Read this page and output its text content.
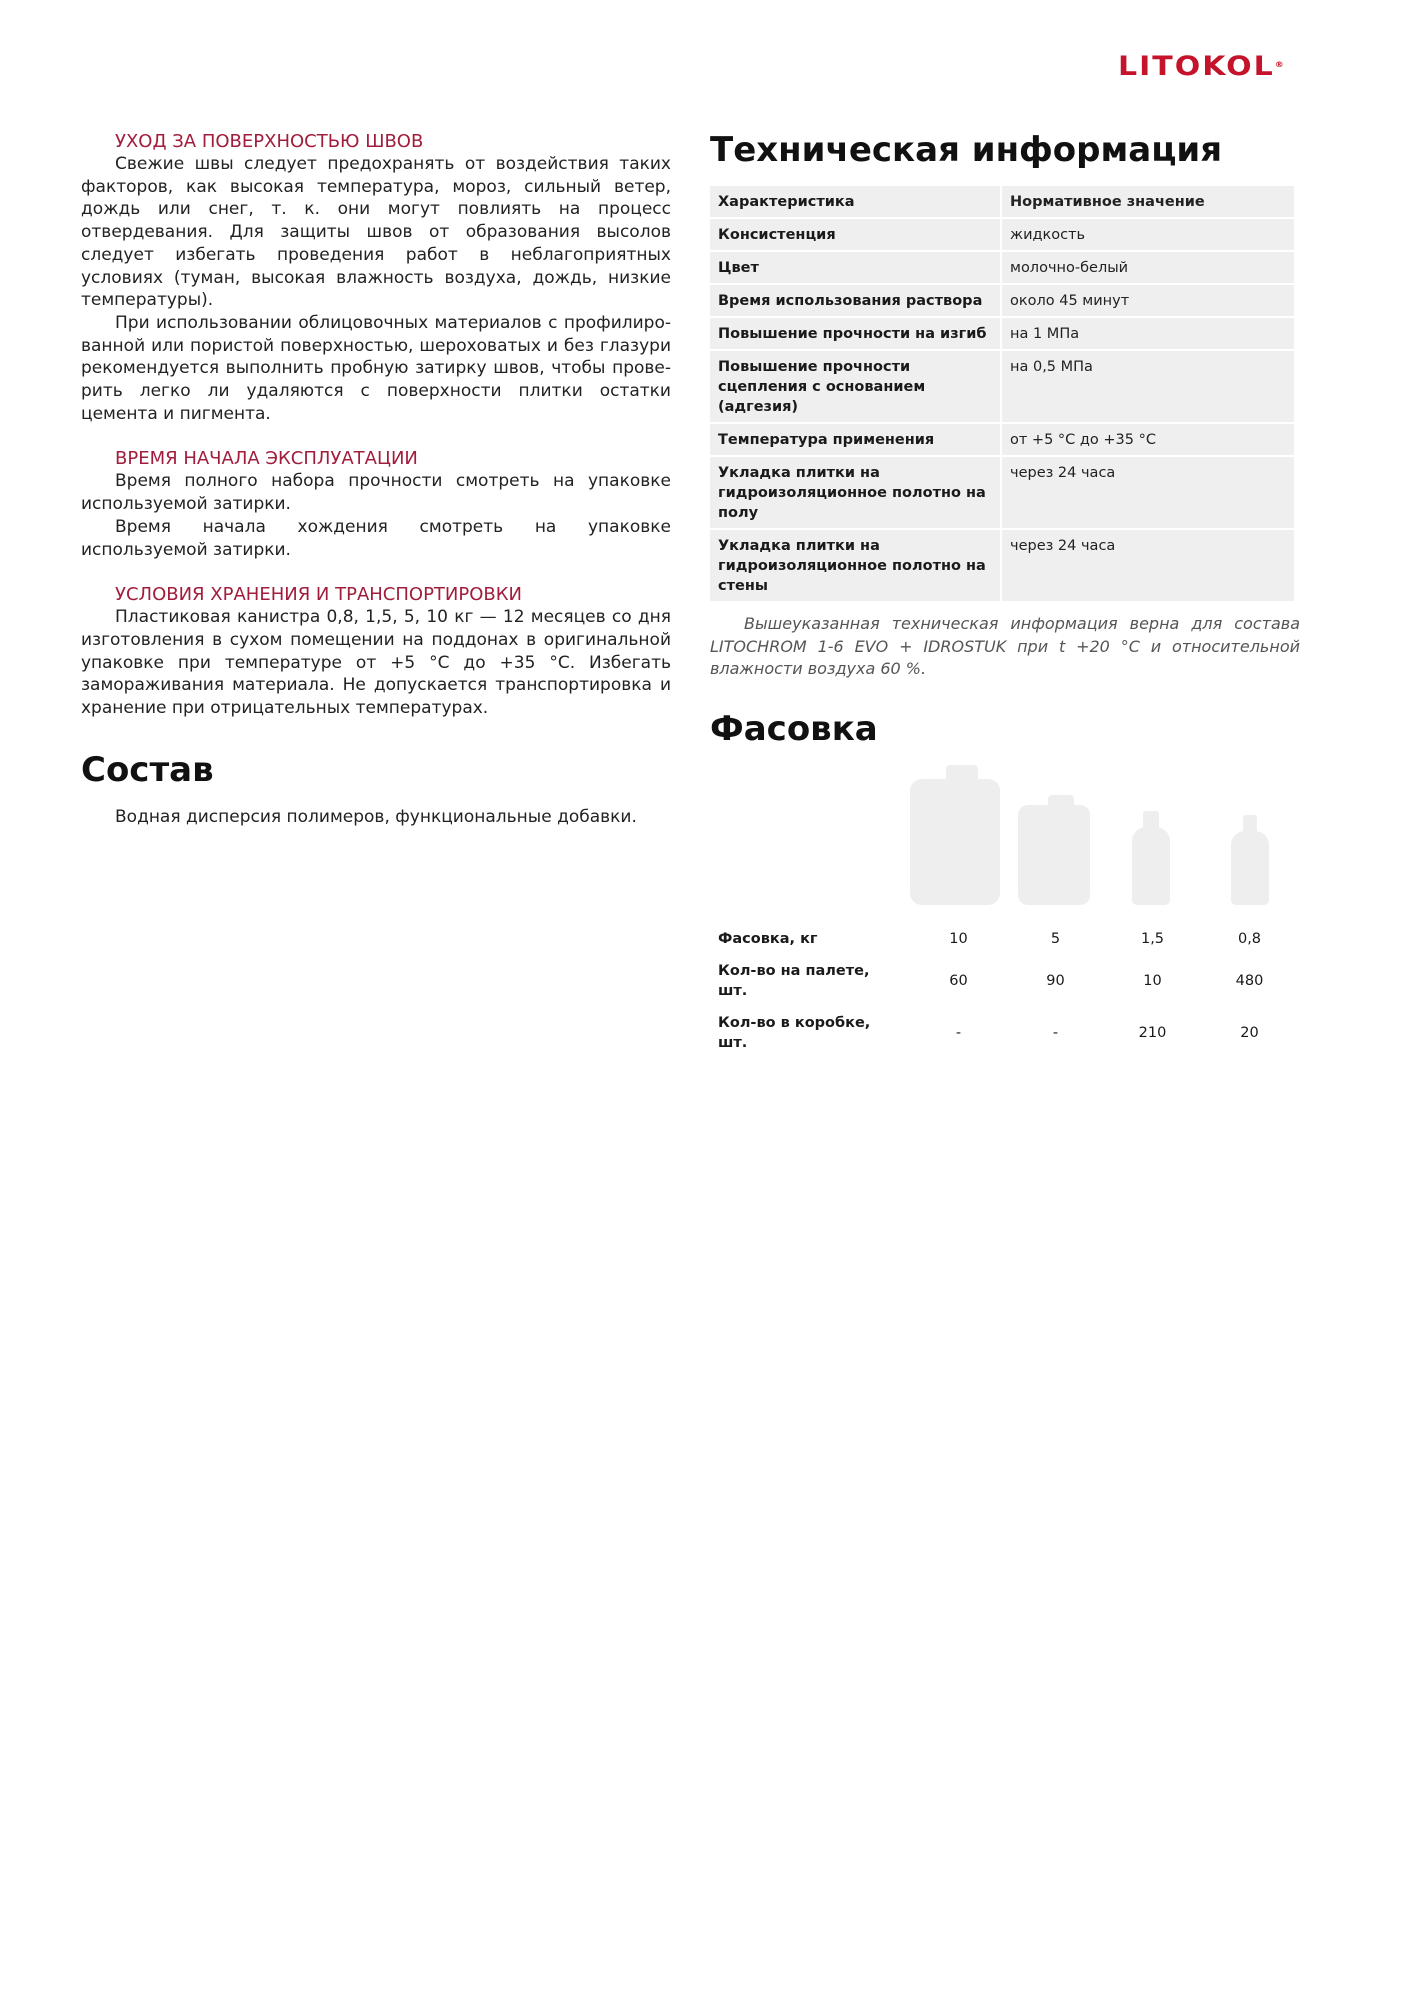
LITOKOL®
УХОД ЗА ПОВЕРХНОСТЬЮ ШВОВ

Свежие швы следует предохранять от воздействия таких факторов, как высокая температура, мороз, сильный ветер, дождь или снег, т. к. они могут повлиять на процесс отвердевания. Для защиты швов от образования высолов следует избегать проведения работ в неблагоприятных условиях (туман, высокая влажность воздуха, дождь, низкие температуры).

При использовании облицовочных материалов с профилированной или пористой поверхностью, шероховатых и без глазури рекомендуется выполнить пробную затирку швов, чтобы проверить легко ли удаляются с поверхности плитки остатки цемента и пигмента.

ВРЕМЯ НАЧАЛА ЭКСПЛУАТАЦИИ

Время полного набора прочности смотреть на упаковке используемой затирки.

Время начала хождения смотреть на упаковке используемой затирки.

УСЛОВИЯ ХРАНЕНИЯ И ТРАНСПОРТИРОВКИ

Пластиковая канистра 0,8, 1,5, 5, 10 кг — 12 месяцев со дня изготовления в сухом помещении на поддонах в оригинальной упаковке при температуре от +5 °С до +35 °С. Избегать замораживания материала. Не допускается транспортировка и хранение при отрицательных температурах.

Состав

Водная дисперсия полимеров, функциональные добавки.

Техническая информация
Характеристика	Нормативное значение
Консистенция	жидкость
Цвет	молочно-белый
Время использования раствора	около 45 минут
Повышение прочности на изгиб	на 1 МПа
Повышение прочности сцепления с основанием (адгезия)	на 0,5 МПа
Температура применения	от +5 °С до +35 °С
Укладка плитки на гидроизоляционное полотно на полу	через 24 часа
Укладка плитки на гидроизоляционное полотно на стены	через 24 часа

Вышеуказанная техническая информация верна для состава LITOCHROM 1-6 EVO + IDROSTUK при t +20 °С и относительной влажности воздуха 60 %.

Фасовка
Фасовка, кг	10	5	1,5	0,8
Кол-во на палете, шт.	60	90	10	480
Кол-во в коробке, шт.	-	-	210	20
